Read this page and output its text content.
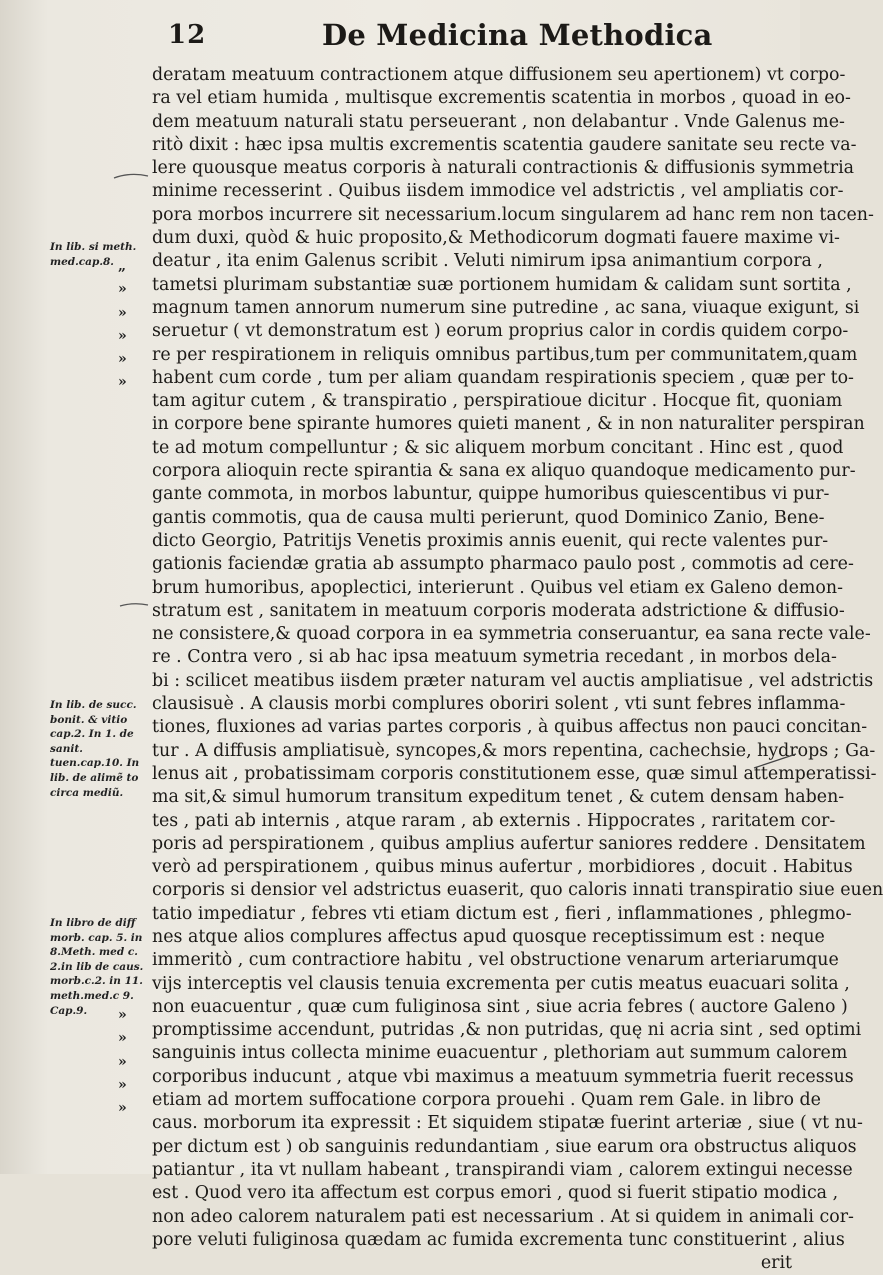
12	De Medicina Methodica
deratam meatuum contractionem atque diffusionem seu apertionem) vt corpo-
ra vel etiam humida , multisque excrementis scatentia in morbos , quoad in eo-
dem meatuum naturali statu perseuerant , non delabantur . Vnde Galenus me-
ritò dixit : hæc ipsa multis excrementis scatentia gaudere sanitate seu recte va-
lere quousque meatus corporis à naturali contractionis & diffusionis symmetria
minime recesserint . Quibus iisdem immodice vel adstrictis , vel ampliatis cor-
pora morbos incurrere sit necessarium.locum singularem ad hanc rem non tacen-
dum duxi, quòd & huic proposito,& Methodicorum dogmati fauere maxime vi-
deatur , ita enim Galenus scribit . Veluti nimirum ipsa animantium corpora ,
tametsi plurimam substantiæ suæ portionem humidam & calidam sunt sortita ,
magnum tamen annorum numerum sine putredine , ac sana, viuaque exigunt, si
seruetur ( vt demonstratum est ) eorum proprius calor in cordis quidem corpo-
re per respirationem in reliquis omnibus partibus,tum per communitatem,quam
habent cum corde , tum per aliam quandam respirationis speciem , quæ per to-
tam agitur cutem , & transpiratio , perspiratioue dicitur . Hocque fit, quoniam
in corpore bene spirante humores quieti manent , & in non naturaliter perspiran
te ad motum compelluntur ; & sic aliquem morbum concitant . Hinc est , quod
corpora alioquin recte spirantia & sana ex aliquo quandoque medicamento pur-
gante commota, in morbos labuntur, quippe humoribus quiescentibus vi pur-
gantis commotis, qua de causa multi perierunt, quod Dominico Zanio, Bene-
dicto Georgio, Patritijs Venetis proximis annis euenit, qui recte valentes pur-
gationis faciendæ gratia ab assumpto pharmaco paulo post , commotis ad cere-
brum humoribus, apoplectici, interierunt . Quibus vel etiam ex Galeno demon-
stratum est , sanitatem in meatuum corporis moderata adstrictione & diffusio-
ne consistere,& quoad corpora in ea symmetria conseruantur, ea sana recte vale-
re . Contra vero , si ab hac ipsa meatuum symetria recedant , in morbos dela-
bi : scilicet meatibus iisdem præter naturam vel auctis ampliatisue , vel adstrictis
clausisuè . A clausis morbi complures oboriri solent , vti sunt febres inflamma-
tiones, fluxiones ad varias partes corporis , à quibus affectus non pauci concitan-
tur . A diffusis ampliatisuè, syncopes,& mors repentina, cachechsie, hydrops ; Ga-
lenus ait , probatissimam corporis constitutionem esse, quæ simul attemperatissi-
ma sit,& simul humorum transitum expeditum tenet , & cutem densam haben-
tes , pati ab internis , atque raram , ab externis . Hippocrates , raritatem cor-
poris ad perspirationem , quibus amplius aufertur saniores reddere . Densitatem
verò ad perspirationem , quibus minus aufertur , morbidiores , docuit . Habitus
corporis si densior vel adstrictus euaserit, quo caloris innati transpiratio siue euen
tatio impediatur , febres vti etiam dictum est , fieri , inflammationes , phlegmo-
nes atque alios complures affectus apud quosque receptissimum est : neque
immeritò , cum contractiore habitu , vel obstructione venarum arteriarumque
vijs interceptis vel clausis tenuia excrementa per cutis meatus euacuari solita ,
non euacuentur , quæ cum fuliginosa sint , siue acria febres ( auctore Galeno )
promptissime accendunt, putridas ,& non putridas, quę ni acria sint , sed optimi
sanguinis intus collecta minime euacuentur , plethoriam aut summum calorem
corporibus inducunt , atque vbi maximus a meatuum symmetria fuerit recessus
etiam ad mortem suffocatione corpora prouehi . Quam rem Gale. in libro de
caus. morborum ita expressit : Et siquidem stipatæ fuerint arteriæ , siue ( vt nu-
per dictum est ) ob sanguinis redundantiam , siue earum ora obstructus aliquos
patiantur , ita vt nullam habeant , transpirandi viam , calorem extingui necesse
est . Quod vero ita affectum est corpus emori , quod si fuerit stipatio modica ,
non adeo calorem naturalem pati est necessarium . At si quidem in animali cor-
pore veluti fuliginosa quædam ac fumida excrementa tunc constituerint , alius
erit
In lib. si meth. med.cap.8.
In lib. de succ. bonit. & vitio cap.2. In 1. de sanit. tuen.cap.10. In lib. de alimẽ to circa mediũ.
In libro de diff morb. cap. 5. in 8.Meth. med c. 2.in lib de caus. morb.c.2. in 11. meth.med.c 9. Cap.9.
„
»
»
»
»
»
»
»
»
»
»
